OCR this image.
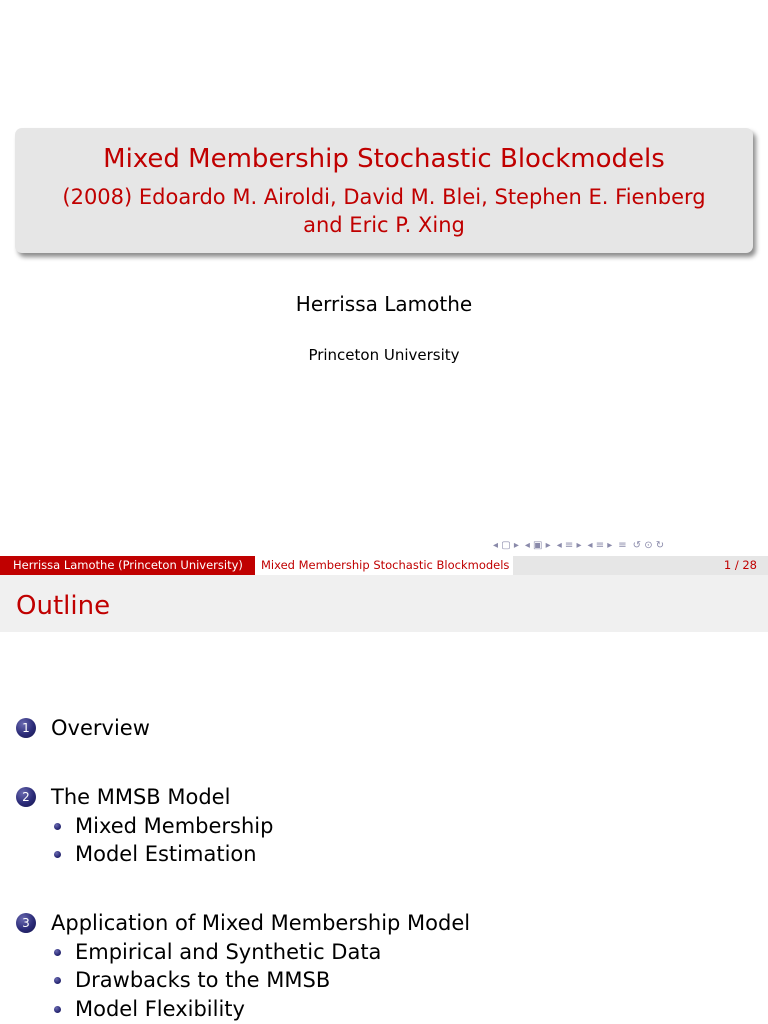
Mixed Membership Stochastic Blockmodels
(2008) Edoardo M. Airoldi, David M. Blei, Stephen E. Fienberg and Eric P. Xing
Herrissa Lamothe
Princeton University
◂ ▢ ▸ ◂ ▣ ▸ ◂ ≡ ▸ ◂ ≡ ▸ ≡ ↺ ⊙ ↻
Herrissa Lamothe (Princeton University)	Mixed Membership Stochastic Blockmodels	1 / 28
Outline
1 Overview
2 The MMSB Model
Mixed Membership
Model Estimation
3 Application of Mixed Membership Model
Empirical and Synthetic Data
Drawbacks to the MMSB
Model Flexibility
